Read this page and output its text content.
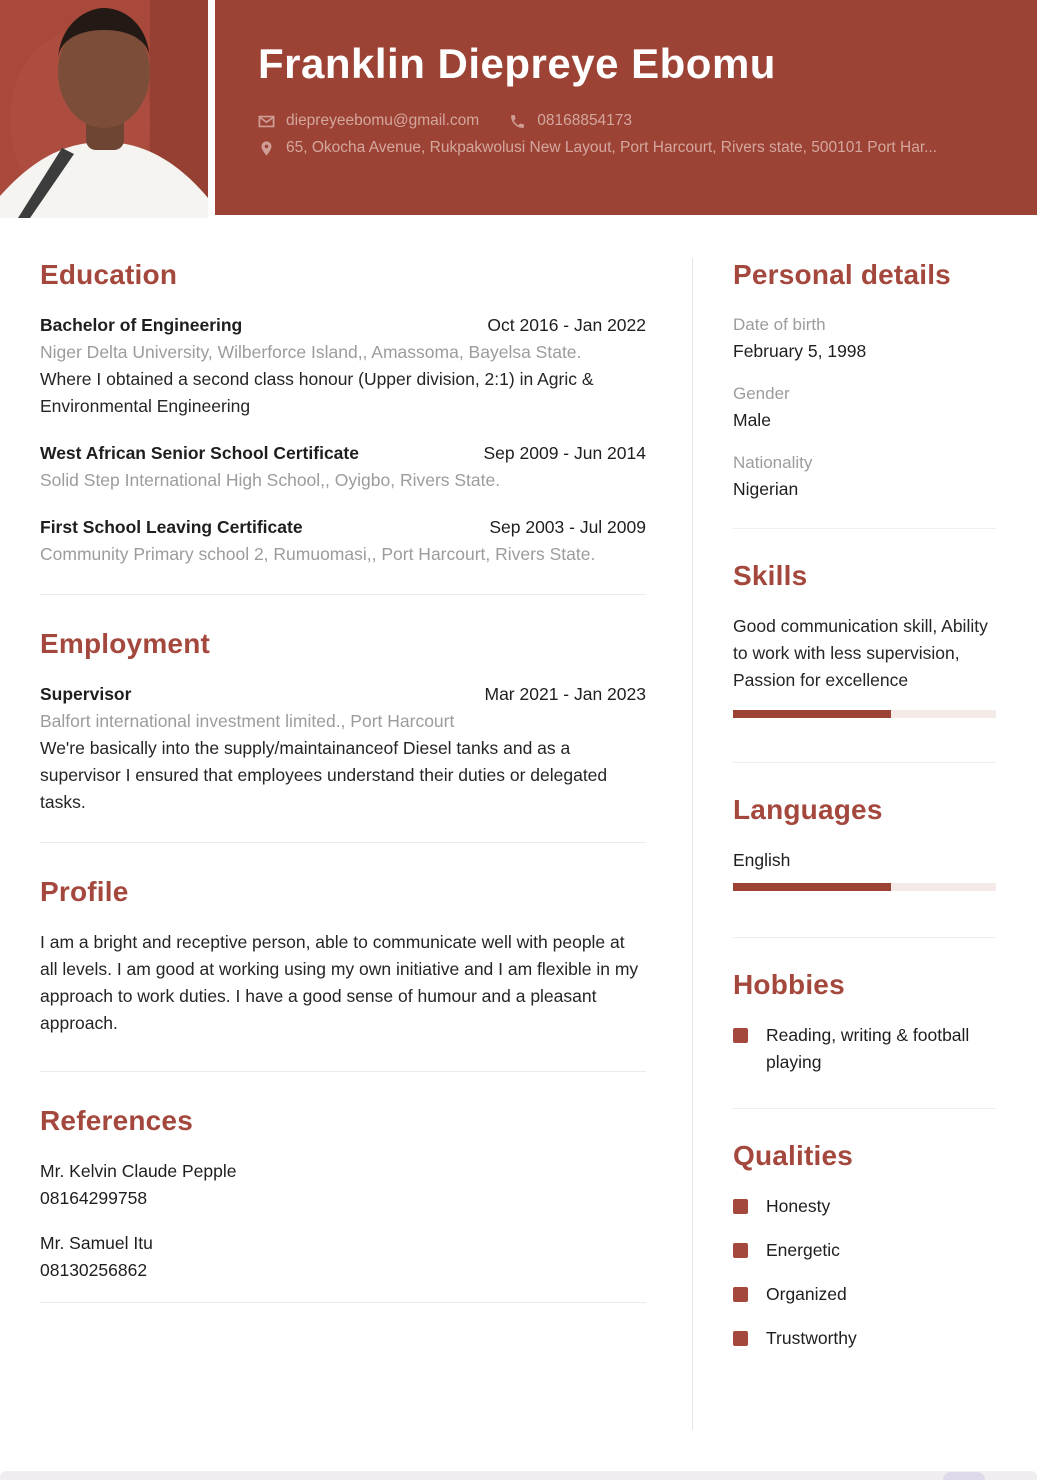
Franklin Diepreye Ebomu
diepreyeebomu@gmail.com	08168854173
65, Okocha Avenue, Rukpakwolusi New Layout, Port Harcourt, Rivers state, 500101 Port Har...
Education
Bachelor of Engineering	Oct 2016 - Jan 2022
Niger Delta University, Wilberforce Island,, Amassoma, Bayelsa State.
Where I obtained a second class honour (Upper division, 2:1) in Agric & Environmental Engineering
West African Senior School Certificate	Sep 2009 - Jun 2014
Solid Step International High School,, Oyigbo, Rivers State.
First School Leaving Certificate	Sep 2003 - Jul 2009
Community Primary school 2, Rumuomasi,, Port Harcourt, Rivers State.
Employment
Supervisor	Mar 2021 - Jan 2023
Balfort international investment limited., Port Harcourt
We're basically into the supply/maintainanceof Diesel tanks and as a supervisor I ensured that employees understand their duties or delegated tasks.
Profile

I am a bright and receptive person, able to communicate well with people at all levels. I am good at working using my own initiative and I am flexible in my approach to work duties. I have a good sense of humour and a pleasant approach.

References
Mr. Kelvin Claude Pepple
08164299758
Mr. Samuel Itu
08130256862
Personal details
Date of birth
February 5, 1998
Gender
Male
Nationality
Nigerian
Skills
Good communication skill, Ability to work with less supervision, Passion for excellence
Languages
English
Hobbies
Reading, writing & football playing
Qualities
Honesty
Energetic
Organized
Trustworthy
